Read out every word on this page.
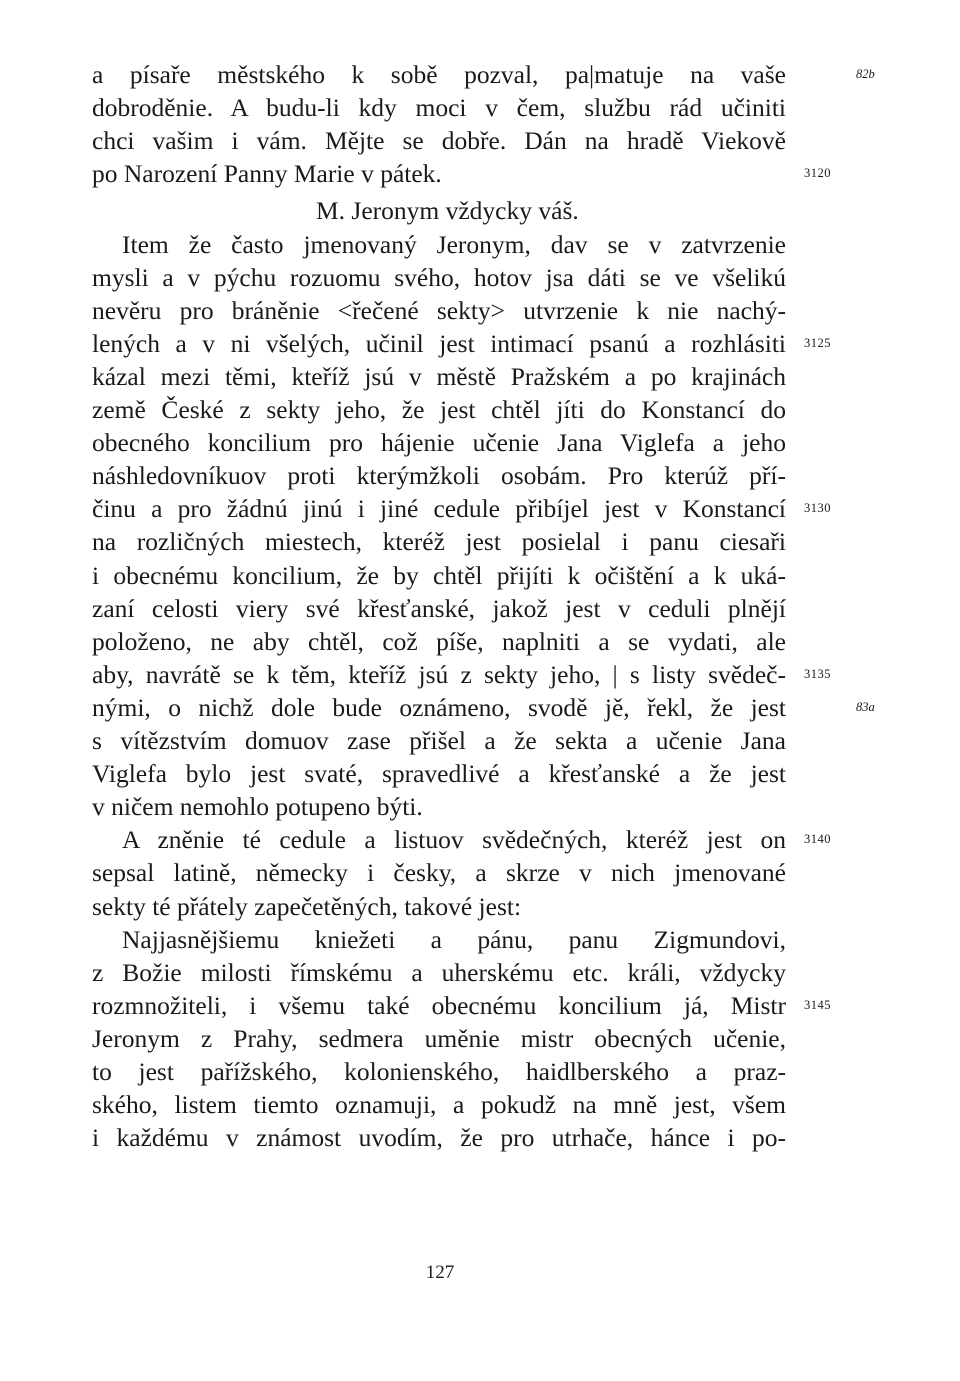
a písaře městského k sobě pozval, pa|matuje na vaše	82b
dobroděnie. A budu-li kdy moci v čem, službu rád učiniti
chci vašim i vám. Mějte se dobře. Dán na hradě Viekově
po Narození Panny Marie v pátek.	3120
M. Jeronym vždycky váš.
Item že často jmenovaný Jeronym, dav se v zatvrzenie
mysli a v pýchu rozuomu svého, hotov jsa dáti se ve všelikú
nevěru pro bráněnie <řečené sekty> utvrzenie k nie nachý-
lených a v ni všelých, učinil jest intimací psanú a rozhlásiti 3125
kázal mezi těmi, kteříž jsú v městě Pražském a po krajinách
země České z sekty jeho, že jest chtěl jíti do Konstancí do
obecného koncilium pro hájenie učenie Jana Viglefa a jeho
náshledovníkuov proti kterýmžkoli osobám. Pro kterúž pří-
činu a pro žádnú jinú i jiné cedule přibíjel jest v Konstancí 3130
na rozličných miestech, kteréž jest posielal i panu ciesaři
i obecnému koncilium, že by chtěl přijíti k očištění a k uká-
zaní celosti viery své křesťanské, jakož jest v ceduli plnějí
položeno, ne aby chtěl, což píše, naplniti a se vydati, ale
aby, navrátě se k těm, kteříž jsú z sekty jeho, | s listy svědeč- 3135
nými, o nichž dole bude oznámeno, svodě jě, řekl, že jest	83a
s vítězstvím domuov zase přišel a že sekta a učenie Jana
Viglefa bylo jest svaté, spravedlivé a křesťanské a že jest
v ničem nemohlo potupeno býti.
A zněnie té cedule a listuov svědečných, kteréž jest on 3140
sepsal latině, německy i česky, a skrze v nich jmenované
sekty té přátely zapečetěných, takové jest:
Najjasnějšiemu kniežeti a pánu, panu Zigmundovi,
z Božie milosti římskému a uherskému etc. králi, vždycky
rozmnožiteli, i všemu také obecnému koncilium já, Mistr 3145
Jeronym z Prahy, sedmera uměnie mistr obecných učenie,
to jest pařížského, kolonienského, haidlberského a praz-
ského, listem tiemto oznamuji, a pokudž na mně jest, všem
i každému v známost uvodím, že pro utrhače, hánce i po-
127
